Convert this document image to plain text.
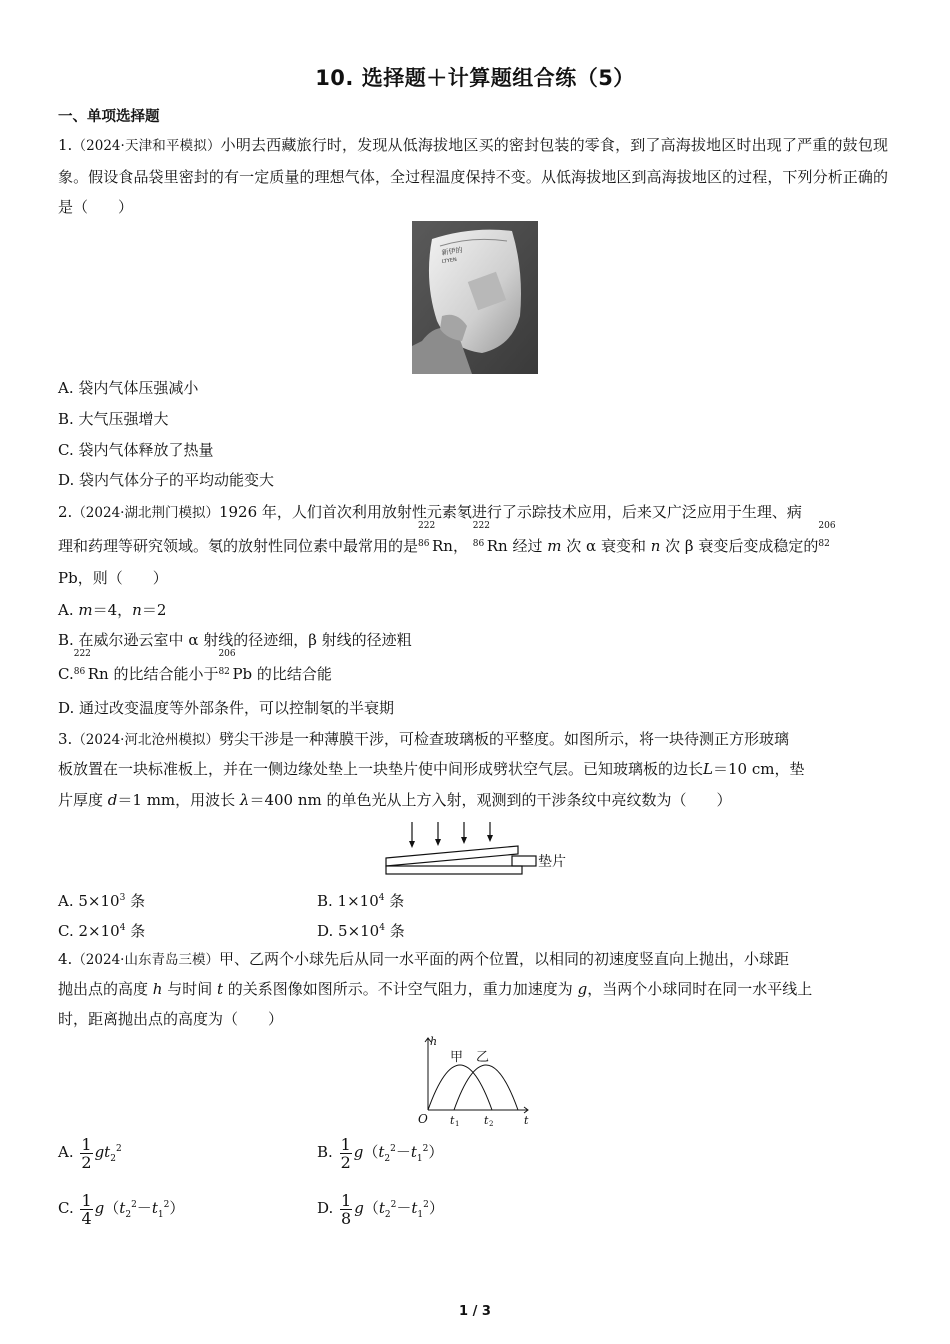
10. 选择题＋计算题组合练（5）
一、单项选择题
1.（2024·天津和平模拟）小明去西藏旅行时，发现从低海拔地区买的密封包装的零食，到了高海拔地区时出现了严重的鼓包现象。假设食品袋里密封的有一定质量的理想气体，全过程温度保持不变。从低海拔地区到高海拔地区的过程，下列分析正确的是（　　）
新伊的
LTYEN
A. 袋内气体压强减小
B. 大气压强增大
C. 袋内气体释放了热量
D. 袋内气体分子的平均动能变大
2.（2024·湖北荆门模拟）1926 年，人们首次利用放射性元素氡进行了示踪技术应用，后来又广泛应用于生理、病
理和药理等研究领域。氡的放射性同位素中最常用的是
222
86 Rn，
222
86 Rn 经过 m 次 α 衰变和 n 次 β 衰变后变成稳定的
206
82
Pb，则（　　）
A. m＝4，n＝2
B. 在威尔逊云室中 α 射线的径迹细，β 射线的径迹粗
C.
222
86 Rn 的比结合能小于
206
82 Pb 的比结合能
D. 通过改变温度等外部条件，可以控制氡的半衰期
3.（2024·河北沧州模拟）劈尖干涉是一种薄膜干涉，可检查玻璃板的平整度。如图所示，将一块待测正方形玻璃
板放置在一块标准板上，并在一侧边缘处垫上一块垫片使中间形成劈状空气层。已知玻璃板的边长L＝10 cm，垫
片厚度 d＝1 mm，用波长 λ＝400 nm 的单色光从上方入射，观测到的干涉条纹中亮纹数为（　　）
垫片
A. $5\times 10^3$ 条	B. $1\times 10^4$ 条
C. $2\times 10^4$ 条	D. $5\times 10^4$ 条
4.（2024·山东青岛三模）甲、乙两个小球先后从同一水平面的两个位置，以相同的初速度竖直向上抛出，小球距
抛出点的高度 h 与时间 t 的关系图像如图所示。不计空气阻力，重力加速度为 g，当两个小球同时在同一水平线上
时，距离抛出点的高度为（　　）
h
t
O t 1 t 2
甲 乙
A. $\frac{1}{2} gt_2^2$	B. $\frac{1}{2} g(t_2^2-t_1^2)$
C. $\frac{1}{4} g(t_2^2-t_1^2)$	D. $\frac{1}{8} g(t_2^2-t_1^2)$
1 / 3
